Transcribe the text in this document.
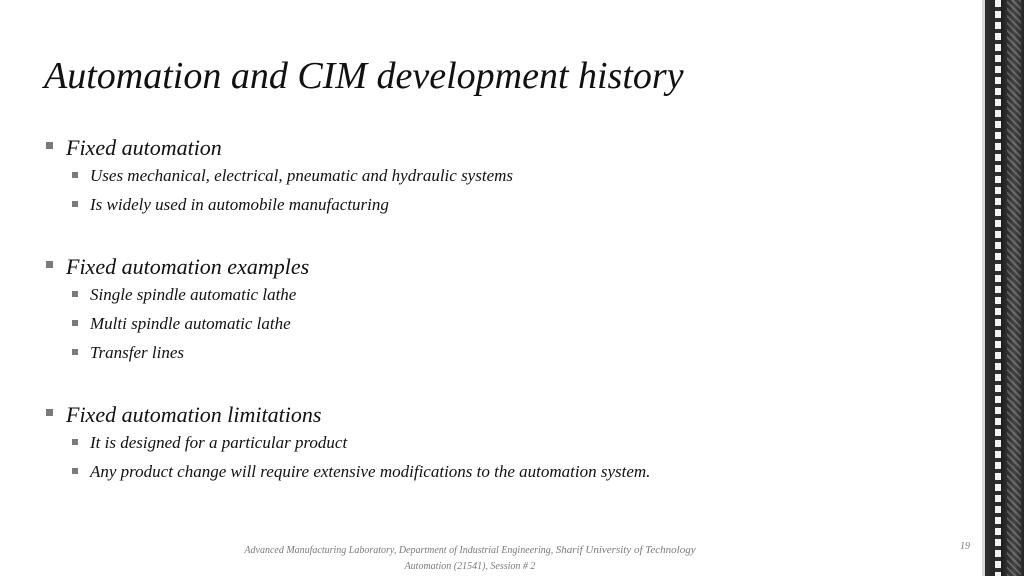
Automation and CIM development history
Fixed automation
Uses mechanical, electrical, pneumatic and hydraulic systems
Is widely used in automobile manufacturing
Fixed automation examples
Single spindle automatic lathe
Multi spindle automatic lathe
Transfer lines
Fixed automation limitations
It is designed for a particular product
Any product change will require extensive modifications to the automation system.
Advanced Manufacturing Laboratory, Department of Industrial Engineering, Sharif University of Technology
Automation (21541), Session # 2
19
